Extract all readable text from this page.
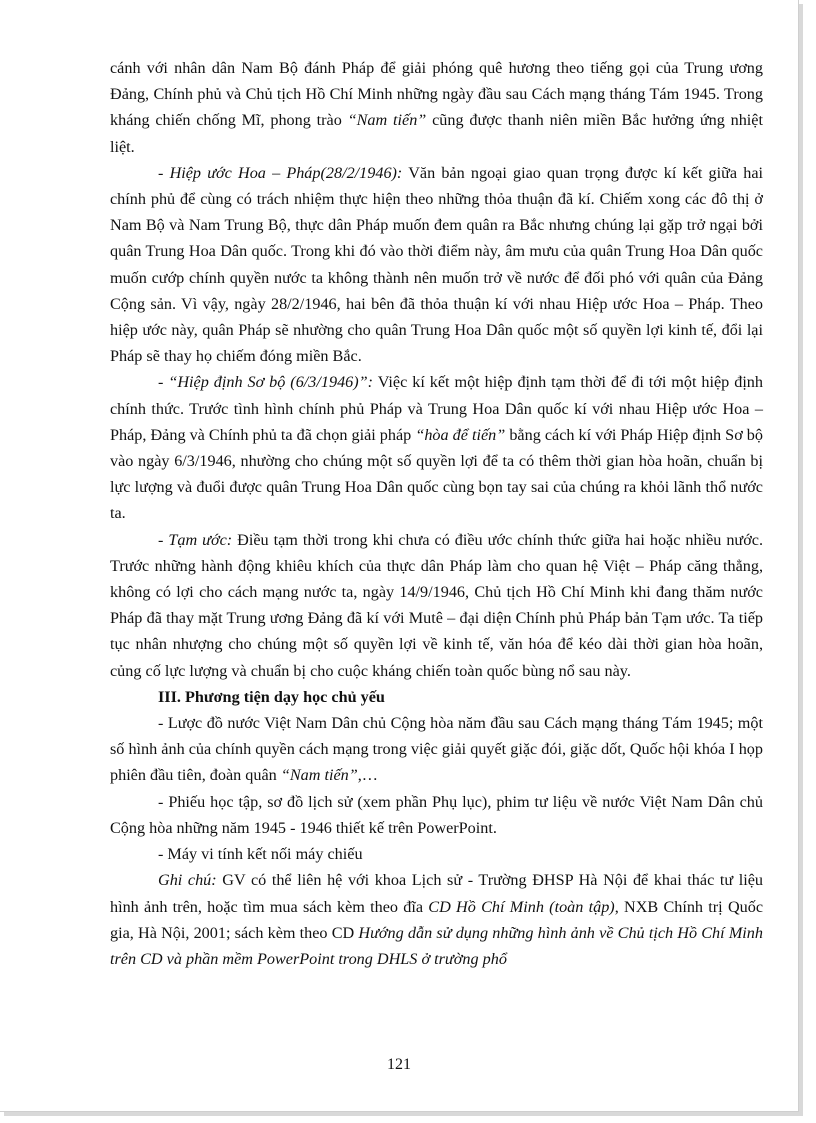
cánh với nhân dân Nam Bộ đánh Pháp để giải phóng quê hương theo tiếng gọi của Trung ương Đảng, Chính phủ và Chủ tịch Hồ Chí Minh những ngày đầu sau Cách mạng tháng Tám 1945. Trong kháng chiến chống Mĩ, phong trào “Nam tiến” cũng được thanh niên miền Bắc hưởng ứng nhiệt liệt.

- Hiệp ước Hoa – Pháp(28/2/1946): Văn bản ngoại giao quan trọng được kí kết giữa hai chính phủ để cùng có trách nhiệm thực hiện theo những thỏa thuận đã kí. Chiếm xong các đô thị ở Nam Bộ và Nam Trung Bộ, thực dân Pháp muốn đem quân ra Bắc nhưng chúng lại gặp trở ngại bởi quân Trung Hoa Dân quốc. Trong khi đó vào thời điểm này, âm mưu của quân Trung Hoa Dân quốc muốn cướp chính quyền nước ta không thành nên muốn trở về nước để đối phó với quân của Đảng Cộng sản. Vì vậy, ngày 28/2/1946, hai bên đã thỏa thuận kí với nhau Hiệp ước Hoa – Pháp. Theo hiệp ước này, quân Pháp sẽ nhường cho quân Trung Hoa Dân quốc một số quyền lợi kinh tế, đổi lại Pháp sẽ thay họ chiếm đóng miền Bắc.

- “Hiệp định Sơ bộ (6/3/1946)”: Việc kí kết một hiệp định tạm thời để đi tới một hiệp định chính thức. Trước tình hình chính phủ Pháp và Trung Hoa Dân quốc kí với nhau Hiệp ước Hoa – Pháp, Đảng và Chính phủ ta đã chọn giải pháp “hòa để tiến” bằng cách kí với Pháp Hiệp định Sơ bộ vào ngày 6/3/1946, nhường cho chúng một số quyền lợi để ta có thêm thời gian hòa hoãn, chuẩn bị lực lượng và đuổi được quân Trung Hoa Dân quốc cùng bọn tay sai của chúng ra khỏi lãnh thổ nước ta.

- Tạm ước: Điều tạm thời trong khi chưa có điều ước chính thức giữa hai hoặc nhiều nước. Trước những hành động khiêu khích của thực dân Pháp làm cho quan hệ Việt – Pháp căng thẳng, không có lợi cho cách mạng nước ta, ngày 14/9/1946, Chủ tịch Hồ Chí Minh khi đang thăm nước Pháp đã thay mặt Trung ương Đảng đã kí với Mutê – đại diện Chính phủ Pháp bản Tạm ước. Ta tiếp tục nhân nhượng cho chúng một số quyền lợi về kinh tế, văn hóa để kéo dài thời gian hòa hoãn, củng cố lực lượng và chuẩn bị cho cuộc kháng chiến toàn quốc bùng nổ sau này.

III. Phương tiện dạy học chủ yếu

- Lược đồ nước Việt Nam Dân chủ Cộng hòa năm đầu sau Cách mạng tháng Tám 1945; một số hình ảnh của chính quyền cách mạng trong việc giải quyết giặc đói, giặc dốt, Quốc hội khóa I họp phiên đầu tiên, đoàn quân “Nam tiến”,…

- Phiếu học tập, sơ đồ lịch sử (xem phần Phụ lục), phim tư liệu về nước Việt Nam Dân chủ Cộng hòa những năm 1945 - 1946 thiết kế trên PowerPoint.

- Máy vi tính kết nối máy chiếu

Ghi chú: GV có thể liên hệ với khoa Lịch sử - Trường ĐHSP Hà Nội để khai thác tư liệu hình ảnh trên, hoặc tìm mua sách kèm theo đĩa CD Hồ Chí Minh (toàn tập), NXB Chính trị Quốc gia, Hà Nội, 2001; sách kèm theo CD Hướng dẫn sử dụng những hình ảnh về Chủ tịch Hồ Chí Minh trên CD và phần mềm PowerPoint trong DHLS ở trường phổ

121
